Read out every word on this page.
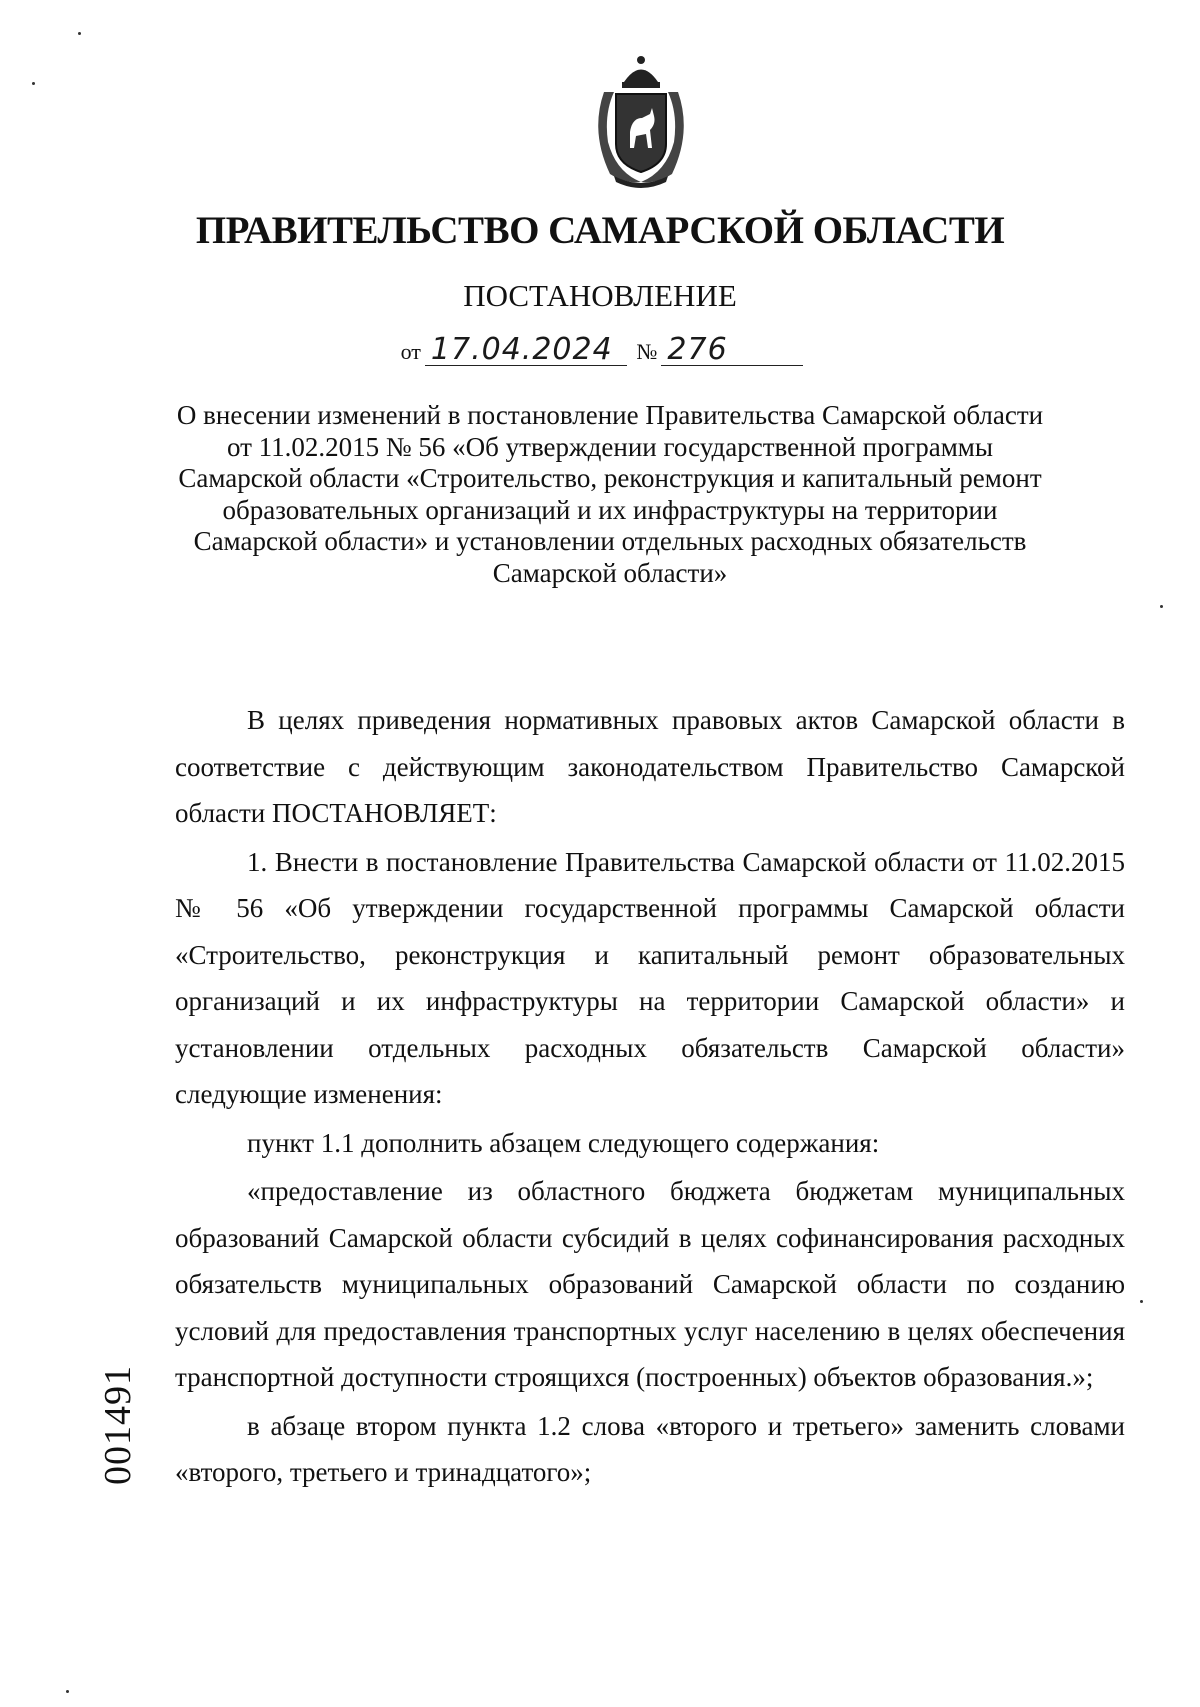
ПРАВИТЕЛЬСТВО САМАРСКОЙ ОБЛАСТИ
ПОСТАНОВЛЕНИЕ
от 17.04.2024 № 276
О внесении изменений в постановление Правительства Самарской области
от 11.02.2015 № 56 «Об утверждении государственной программы
Самарской области «Строительство, реконструкция и капитальный ремонт
образовательных организаций и их инфраструктуры на территории
Самарской области» и установлении отдельных расходных обязательств
Самарской области»

В целях приведения нормативных правовых актов Самарской области в соответствие с действующим законодательством Правительство Самарской области ПОСТАНОВЛЯЕТ:

1. Внести в постановление Правительства Самарской области от 11.02.2015 № 56 «Об утверждении государственной программы Самарской области «Строительство, реконструкция и капитальный ремонт образовательных организаций и их инфраструктуры на территории Самарской области» и установлении отдельных расходных обязательств Самарской области» следующие изменения:

пункт 1.1 дополнить абзацем следующего содержания:

«предоставление из областного бюджета бюджетам муниципальных образований Самарской области субсидий в целях софинансирования расходных обязательств муниципальных образований Самарской области по созданию условий для предоставления транспортных услуг населению в целях обеспечения транспортной доступности строящихся (построенных) объектов образования.»;

в абзаце втором пункта 1.2 слова «второго и третьего» заменить словами «второго, третьего и тринадцатого»;

001491
